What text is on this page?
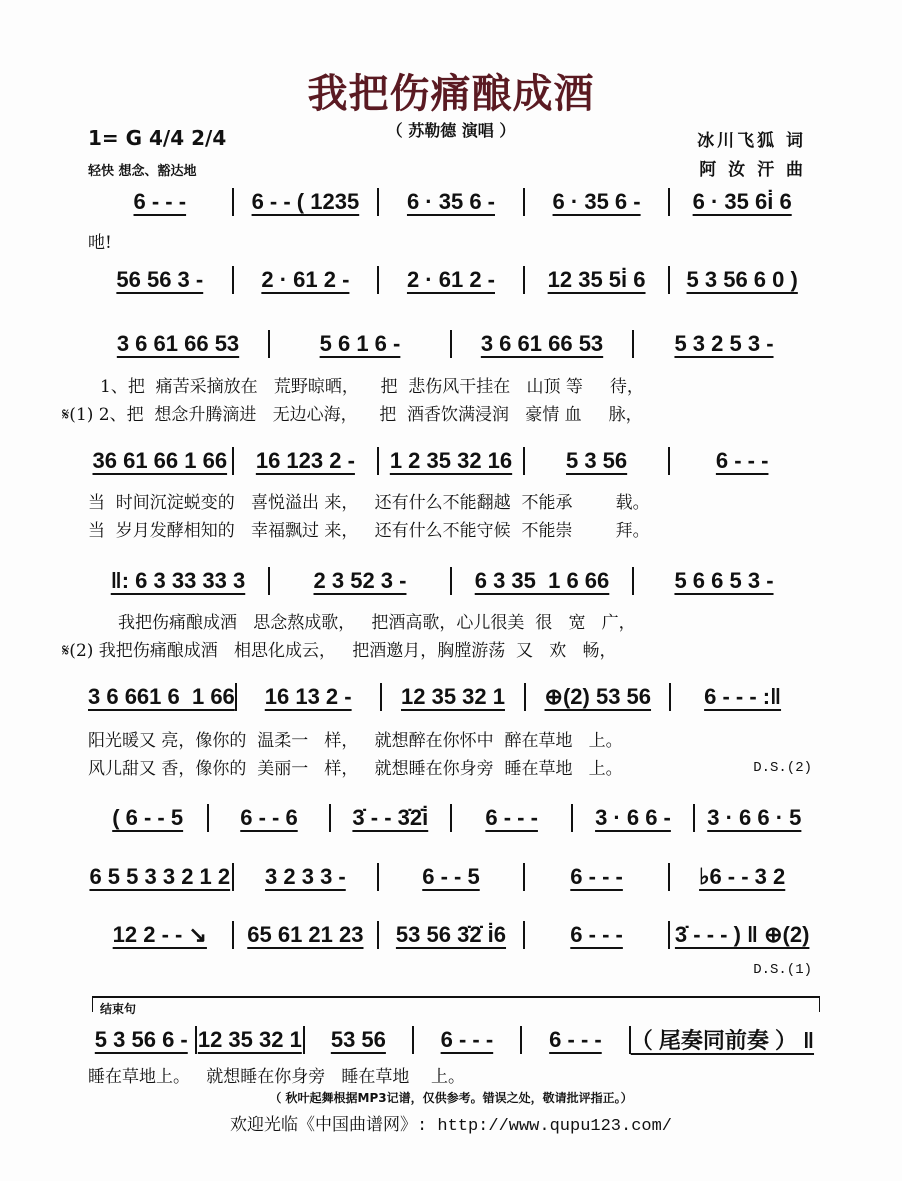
我把伤痛酿成酒
（ 苏勒德 演唱 ）
1= G 4/4 2/4
轻快 想念、豁达地
冰川飞狐 词
阿 汝 汗 曲
6 - - -	6 - - ( 1235	6 · 35 6 -	6 · 35 6 -	6 · 35 6i̇ 6
吔!
56 56 3 -	2 · 61 2 -	2 · 61 2 -	12 35 5i̇ 6	5 3 56 6 0 )
3 6 61 66 53	5 6 1 6 -	3 6 61 66 53	5 3 2 5 3 -
1、把  痛苦采摘放在   荒野晾晒，    把  悲伤风干挂在   山顶 等     待，
𝄋(1) 2、把  想念升腾滴进   无边心海，    把  酒香饮满浸润   豪情 血     脉，
36 61 66 1 66	16 123 2 -	1 2 35 32 16	5 3 56	6 - - -
当  时间沉淀蜕变的   喜悦溢出 来，   还有什么不能翻越  不能承        载。
当  岁月发酵相知的   幸福飘过 来，   还有什么不能守候  不能崇        拜。
‖: 6 3 33 33 3	2 3 52 3 -	6 3 35  1 6 66	5 6 6 5 3 -
我把伤痛酿成酒   思念熬成歌，   把酒高歌，心儿很美  很   宽   广，
𝄋(2) 我把伤痛酿成酒   相思化成云，   把酒邀月，胸膛游荡  又   欢   畅，
3 6 661 6  1 66	16 13 2 -	12 35 32 1	⊕(2) 53 56	6 - - - :‖
阳光暖又 亮，像你的  温柔一   样，   就想醉在你怀中  醉在草地   上。
风儿甜又 香，像你的  美丽一   样，   就想睡在你身旁  睡在草地   上。	D.S.(2)
( 6 - - 5	6 - - 6	3̇ - - 3̇2̇i̇	6 - - -	3 · 6 6 -	3 · 6 6 · 5
6 5 5 3 3 2 1 2	3 2 3 3 -	6 - - 5	6 - - -	♭6 - - 3 2
12 2 - - ↘	65 61 21 23	53 56 3̇2̇ i̇6	6 - - -	3̇ - - - ) ‖ ⊕(2)
D.S.(1)
5 3 56 6 - 12 35 32 1	53 56	6 - - -	6 - - -	（ 尾奏同前奏 ） ‖
睡在草地上。   就想睡在你身旁   睡在草地    上。
结束句
（ 秋叶起舞根据MP3记谱，仅供参考。错误之处，敬请批评指正。）
欢迎光临《中国曲谱网》: http://www.qupu123.com/
